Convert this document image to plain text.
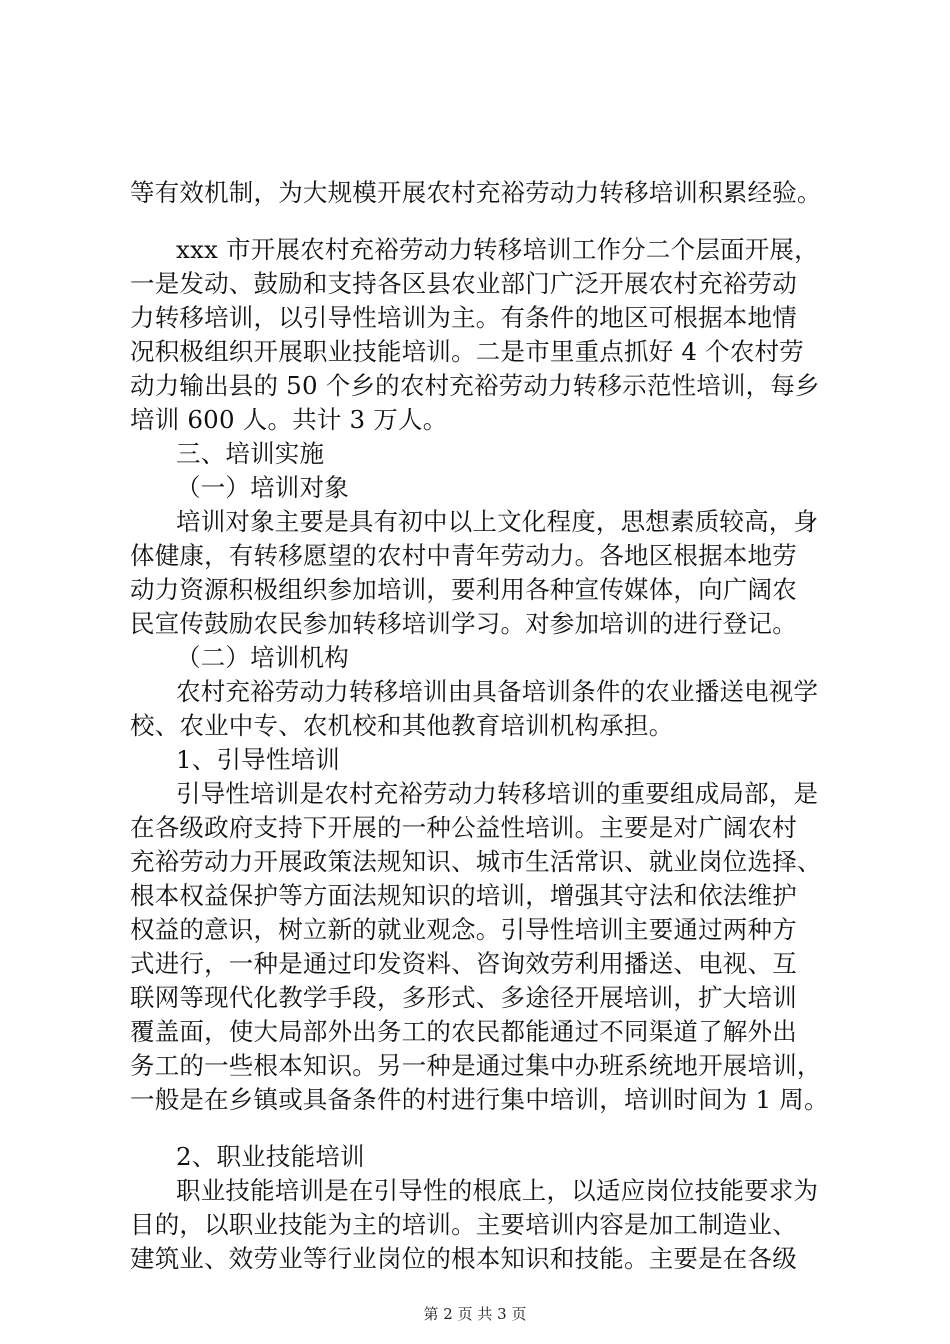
等有效机制，为大规模开展农村充裕劳动力转移培训积累经验。
xxx 市开展农村充裕劳动力转移培训工作分二个层面开展，
一是发动、鼓励和支持各区县农业部门广泛开展农村充裕劳动
力转移培训，以引导性培训为主。有条件的地区可根据本地情
况积极组织开展职业技能培训。二是市里重点抓好 4 个农村劳
动力输出县的 50 个乡的农村充裕劳动力转移示范性培训，每乡
培训 600 人。共计 3 万人。
三、培训实施
（一）培训对象
培训对象主要是具有初中以上文化程度，思想素质较高，身
体健康，有转移愿望的农村中青年劳动力。各地区根据本地劳
动力资源积极组织参加培训，要利用各种宣传媒体，向广阔农
民宣传鼓励农民参加转移培训学习。对参加培训的进行登记。
（二）培训机构
农村充裕劳动力转移培训由具备培训条件的农业播送电视学
校、农业中专、农机校和其他教育培训机构承担。
1、引导性培训
引导性培训是农村充裕劳动力转移培训的重要组成局部，是
在各级政府支持下开展的一种公益性培训。主要是对广阔农村
充裕劳动力开展政策法规知识、城市生活常识、就业岗位选择、
根本权益保护等方面法规知识的培训，增强其守法和依法维护
权益的意识，树立新的就业观念。引导性培训主要通过两种方
式进行，一种是通过印发资料、咨询效劳利用播送、电视、互
联网等现代化教学手段，多形式、多途径开展培训，扩大培训
覆盖面，使大局部外出务工的农民都能通过不同渠道了解外出
务工的一些根本知识。另一种是通过集中办班系统地开展培训，
一般是在乡镇或具备条件的村进行集中培训，培训时间为 1 周。
2、职业技能培训
职业技能培训是在引导性的根底上，以适应岗位技能要求为
目的，以职业技能为主的培训。主要培训内容是加工制造业、
建筑业、效劳业等行业岗位的根本知识和技能。主要是在各级
第 2 页 共 3 页
